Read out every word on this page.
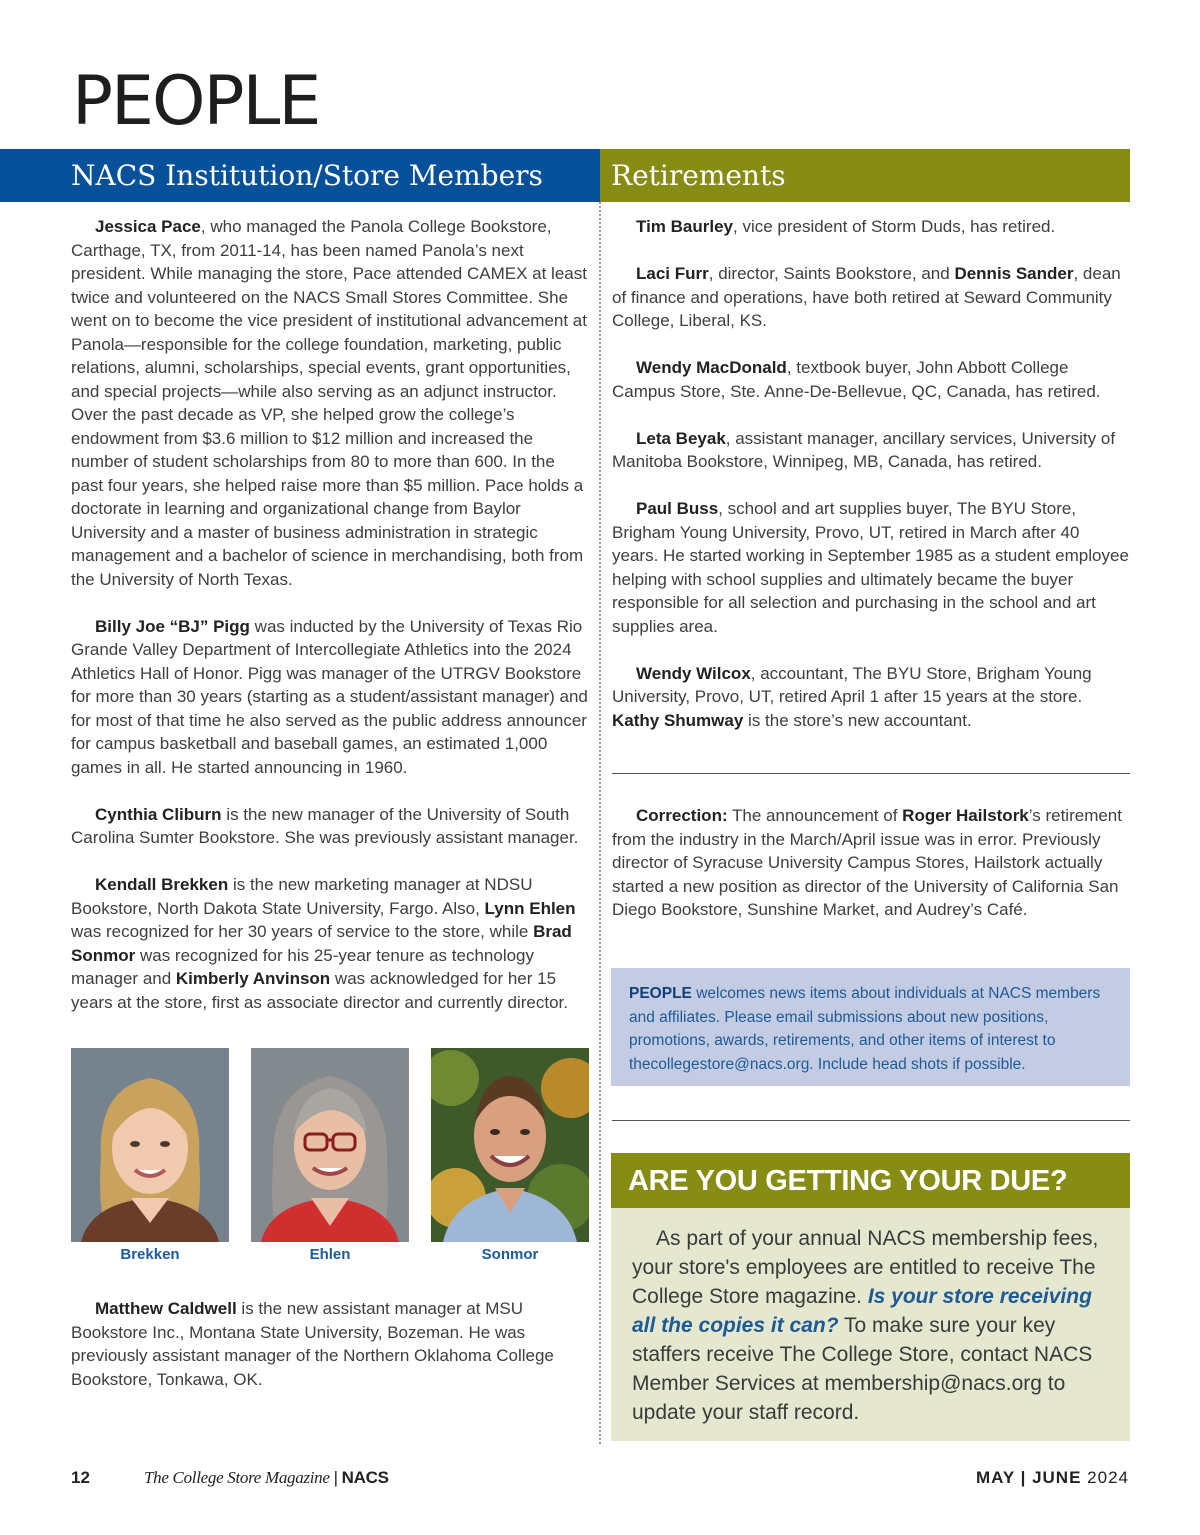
PEOPLE
NACS Institution/Store Members	Retirements

Jessica Pace, who managed the Panola College Bookstore, Carthage, TX, from 2011-14, has been named Panola’s next president. While managing the store, Pace attended CAMEX at least twice and volunteered on the NACS Small Stores Committee. She went on to become the vice president of institutional advancement at Panola—responsible for the college foundation, marketing, public relations, alumni, scholarships, special events, grant opportunities, and special projects—while also serving as an adjunct instructor. Over the past decade as VP, she helped grow the college’s endowment from $3.6 million to $12 million and increased the number of student scholarships from 80 to more than 600. In the past four years, she helped raise more than $5 million. Pace holds a doctorate in learning and organizational change from Baylor University and a master of business administration in strategic management and a bachelor of science in merchandising, both from the University of North Texas.

Billy Joe “BJ” Pigg was inducted by the University of Texas Rio Grande Valley Department of Intercollegiate Athletics into the 2024 Athletics Hall of Honor. Pigg was manager of the UTRGV Bookstore for more than 30 years (starting as a student/assistant manager) and for most of that time he also served as the public address announcer for campus basketball and baseball games, an estimated 1,000 games in all. He started announcing in 1960.

Cynthia Cliburn is the new manager of the University of South Carolina Sumter Bookstore. She was previously assistant manager.

Kendall Brekken is the new marketing manager at NDSU Bookstore, North Dakota State University, Fargo. Also, Lynn Ehlen was recognized for her 30 years of service to the store, while Brad Sonmor was recognized for his 25-year tenure as technology manager and Kimberly Anvinson was acknowledged for her 15 years at the store, first as associate director and currently director.

Brekken	Ehlen	Sonmor

Matthew Caldwell is the new assistant manager at MSU Bookstore Inc., Montana State University, Bozeman. He was previously assistant manager of the Northern Oklahoma College Bookstore, Tonkawa, OK.

Tim Baurley, vice president of Storm Duds, has retired.

Laci Furr, director, Saints Bookstore, and Dennis Sander, dean of finance and operations, have both retired at Seward Community College, Liberal, KS.

Wendy MacDonald, textbook buyer, John Abbott College Campus Store, Ste. Anne-De-Bellevue, QC, Canada, has retired.

Leta Beyak, assistant manager, ancillary services, University of Manitoba Bookstore, Winnipeg, MB, Canada, has retired.

Paul Buss, school and art supplies buyer, The BYU Store, Brigham Young University, Provo, UT, retired in March after 40 years. He started working in September 1985 as a student employee helping with school supplies and ultimately became the buyer responsible for all selection and purchasing in the school and art supplies area.

Wendy Wilcox, accountant, The BYU Store, Brigham Young University, Provo, UT, retired April 1 after 15 years at the store. Kathy Shumway is the store’s new accountant.

Correction: The announcement of Roger Hailstork’s retirement from the industry in the March/April issue was in error. Previously director of Syracuse University Campus Stores, Hailstork actually started a new position as director of the University of California San Diego Bookstore, Sunshine Market, and Audrey’s Café.

PEOPLE welcomes news items about individuals at NACS members and affiliates. Please email submissions about new positions, promotions, awards, retirements, and other items of interest to thecollegestore@nacs.org. Include head shots if possible.
ARE YOU GETTING YOUR DUE?
As part of your annual NACS membership fees, your store's employees are entitled to receive The College Store magazine. Is your store receiving all the copies it can? To make sure your key staffers receive The College Store, contact NACS Member Services at membership@nacs.org to update your staff record.
12	The College Store Magazine | NACS	MAY | JUNE 2024
